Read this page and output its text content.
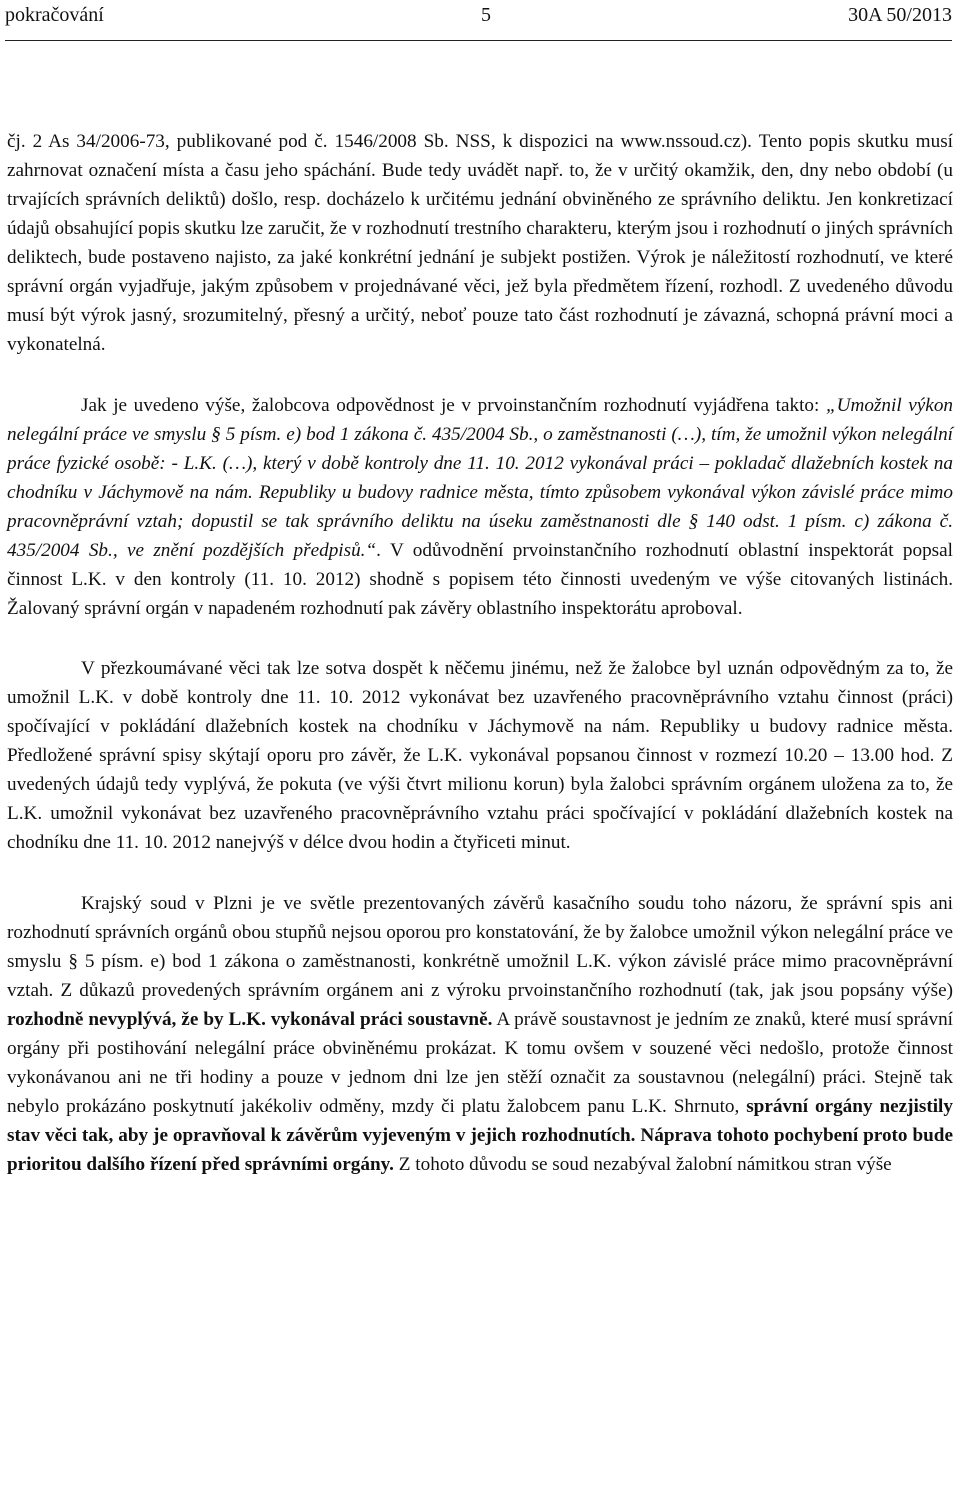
pokračování	5	30A 50/2013

čj. 2 As 34/2006-73, publikované pod č. 1546/2008 Sb. NSS, k dispozici na www.nssoud.cz). Tento popis skutku musí zahrnovat označení místa a času jeho spáchání. Bude tedy uvádět např. to, že v určitý okamžik, den, dny nebo období (u trvajících správních deliktů) došlo, resp. docházelo k určitému jednání obviněného ze správního deliktu. Jen konkretizací údajů obsahující popis skutku lze zaručit, že v rozhodnutí trestního charakteru, kterým jsou i rozhodnutí o jiných správních deliktech, bude postaveno najisto, za jaké konkrétní jednání je subjekt postižen. Výrok je náležitostí rozhodnutí, ve které správní orgán vyjadřuje, jakým způsobem v projednávané věci, jež byla předmětem řízení, rozhodl. Z uvedeného důvodu musí být výrok jasný, srozumitelný, přesný a určitý, neboť pouze tato část rozhodnutí je závazná, schopná právní moci a vykonatelná.

Jak je uvedeno výše, žalobcova odpovědnost je v prvoinstančním rozhodnutí vyjádřena takto: „Umožnil výkon nelegální práce ve smyslu § 5 písm. e) bod 1 zákona č. 435/2004 Sb., o zaměstnanosti (…), tím, že umožnil výkon nelegální práce fyzické osobě: - L.K. (…), který v době kontroly dne 11. 10. 2012 vykonával práci – pokladač dlažebních kostek na chodníku v Jáchymově na nám. Republiky u budovy radnice města, tímto způsobem vykonával výkon závislé práce mimo pracovněprávní vztah; dopustil se tak správního deliktu na úseku zaměstnanosti dle § 140 odst. 1 písm. c) zákona č. 435/2004 Sb., ve znění pozdějších předpisů.“. V odůvodnění prvoinstančního rozhodnutí oblastní inspektorát popsal činnost L.K. v den kontroly (11. 10. 2012) shodně s popisem této činnosti uvedeným ve výše citovaných listinách. Žalovaný správní orgán v napadeném rozhodnutí pak závěry oblastního inspektorátu aproboval.

V přezkoumávané věci tak lze sotva dospět k něčemu jinému, než že žalobce byl uznán odpovědným za to, že umožnil L.K. v době kontroly dne 11. 10. 2012 vykonávat bez uzavřeného pracovněprávního vztahu činnost (práci) spočívající v pokládání dlažebních kostek na chodníku v Jáchymově na nám. Republiky u budovy radnice města. Předložené správní spisy skýtají oporu pro závěr, že L.K. vykonával popsanou činnost v rozmezí 10.20 – 13.00 hod. Z uvedených údajů tedy vyplývá, že pokuta (ve výši čtvrt milionu korun) byla žalobci správním orgánem uložena za to, že L.K. umožnil vykonávat bez uzavřeného pracovněprávního vztahu práci spočívající v pokládání dlažebních kostek na chodníku dne 11. 10. 2012 nanejvýš v délce dvou hodin a čtyřiceti minut.

Krajský soud v Plzni je ve světle prezentovaných závěrů kasačního soudu toho názoru, že správní spis ani rozhodnutí správních orgánů obou stupňů nejsou oporou pro konstatování, že by žalobce umožnil výkon nelegální práce ve smyslu § 5 písm. e) bod 1 zákona o zaměstnanosti, konkrétně umožnil L.K. výkon závislé práce mimo pracovněprávní vztah. Z důkazů provedených správním orgánem ani z výroku prvoinstančního rozhodnutí (tak, jak jsou popsány výše) rozhodně nevyplývá, že by L.K. vykonával práci soustavně. A právě soustavnost je jedním ze znaků, které musí správní orgány při postihování nelegální práce obviněnému prokázat. K tomu ovšem v souzené věci nedošlo, protože činnost vykonávanou ani ne tři hodiny a pouze v jednom dni lze jen stěží označit za soustavnou (nelegální) práci. Stejně tak nebylo prokázáno poskytnutí jakékoliv odměny, mzdy či platu žalobcem panu L.K. Shrnuto, správní orgány nezjistily stav věci tak, aby je opravňoval k závěrům vyjeveným v jejich rozhodnutích. Náprava tohoto pochybení proto bude prioritou dalšího řízení před správními orgány. Z tohoto důvodu se soud nezabýval žalobní námitkou stran výše
